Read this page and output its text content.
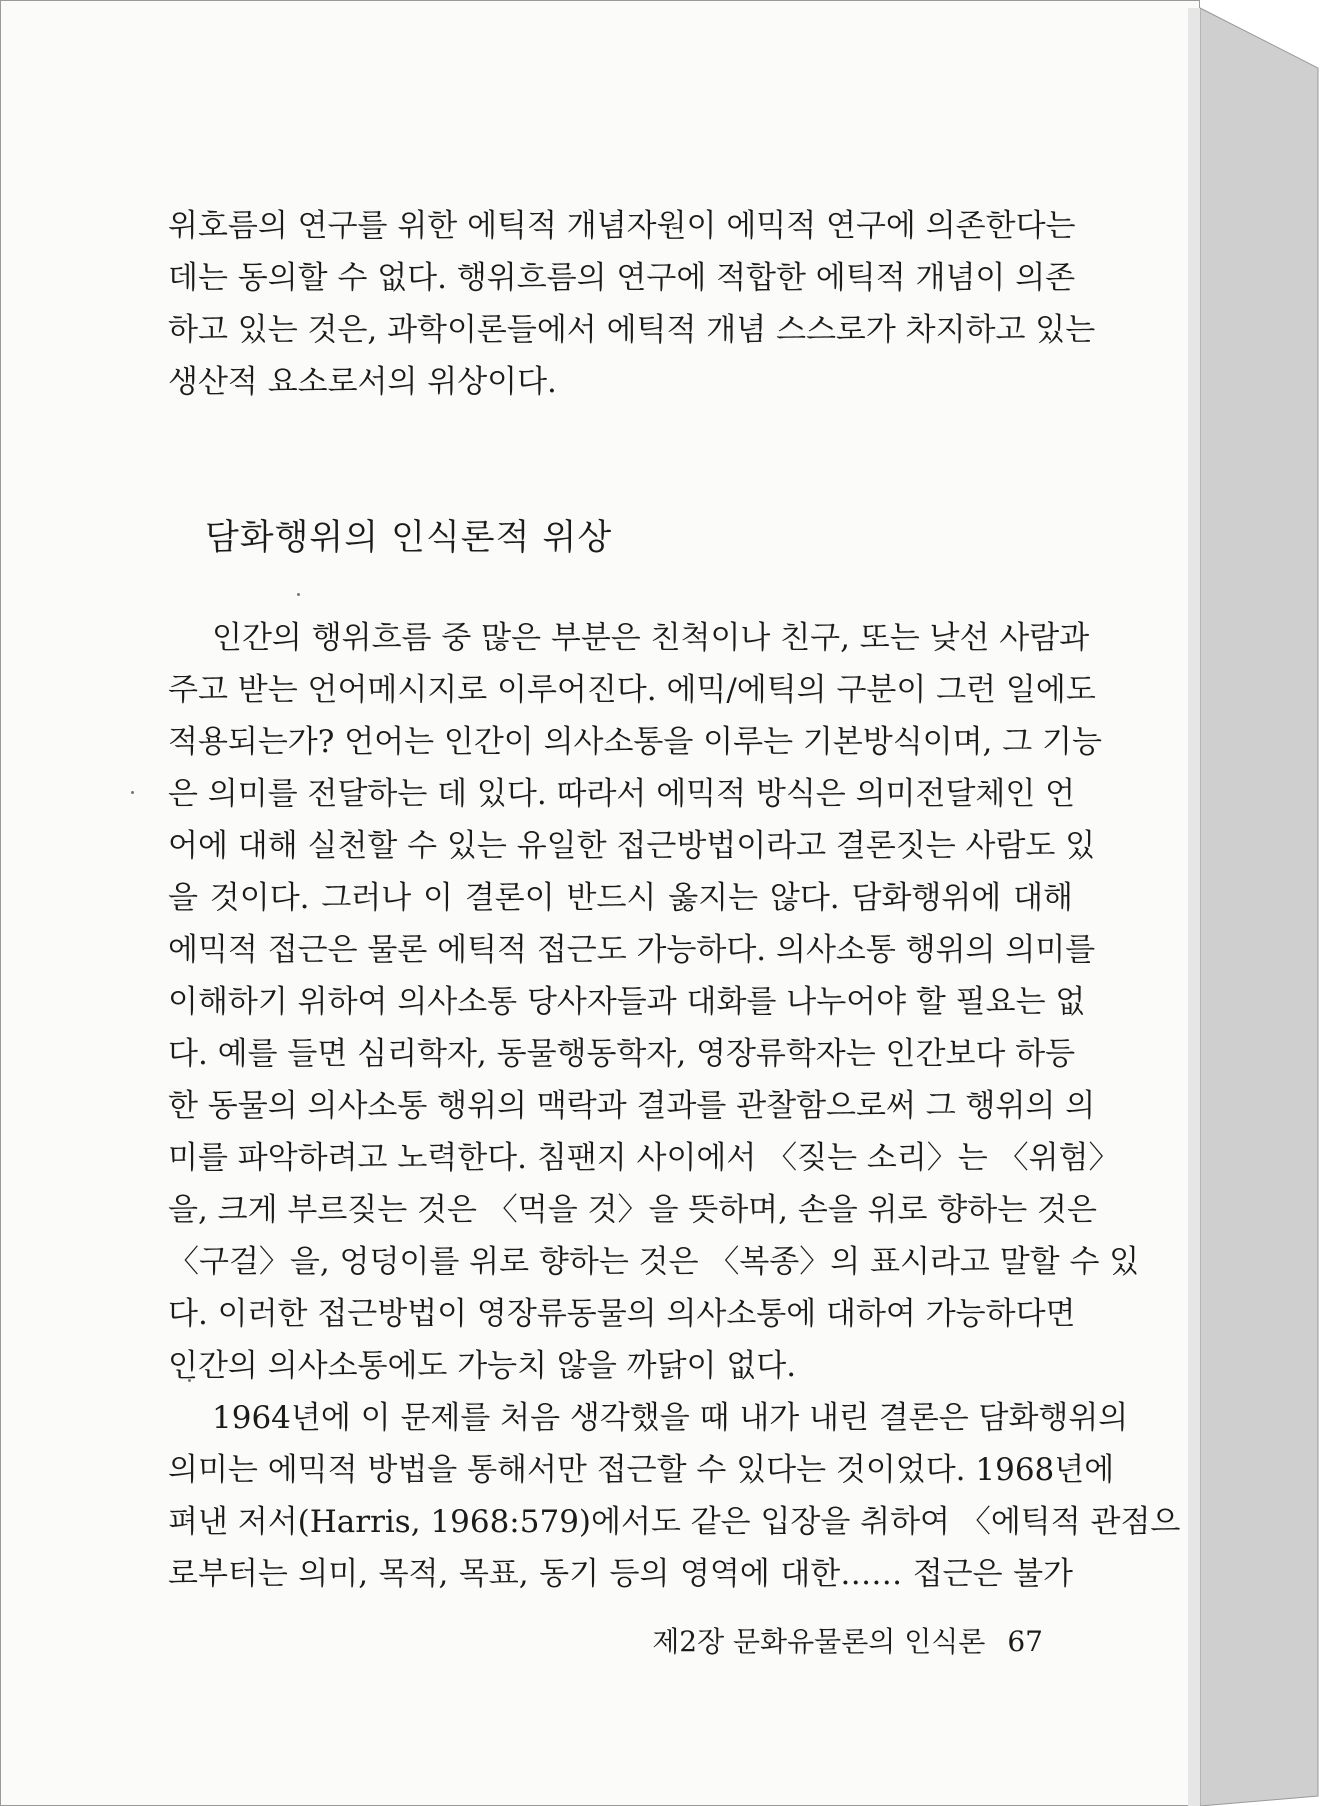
위호름의 연구를 위한 에틱적 개념자원이 에믹적 연구에 의존한다는
데는 동의할 수 없다. 행위흐름의 연구에 적합한 에틱적 개념이 의존
하고 있는 것은, 과학이론들에서 에틱적 개념 스스로가 차지하고 있는
생산적 요소로서의 위상이다.
담화행위의 인식론적 위상
인간의 행위흐름 중 많은 부분은 친척이나 친구, 또는 낮선 사람과
주고 받는 언어메시지로 이루어진다. 에믹/에틱의 구분이 그런 일에도
적용되는가? 언어는 인간이 의사소통을 이루는 기본방식이며, 그 기능
은 의미를 전달하는 데 있다. 따라서 에믹적 방식은 의미전달체인 언
어에 대해 실천할 수 있는 유일한 접근방법이라고 결론짓는 사람도 있
을 것이다. 그러나 이 결론이 반드시 옳지는 않다. 담화행위에 대해
에믹적 접근은 물론 에틱적 접근도 가능하다. 의사소통 행위의 의미를
이해하기 위하여 의사소통 당사자들과 대화를 나누어야 할 필요는 없
다. 예를 들면 심리학자, 동물행동학자, 영장류학자는 인간보다 하등
한 동물의 의사소통 행위의 맥락과 결과를 관찰함으로써 그 행위의 의
미를 파악하려고 노력한다. 침팬지 사이에서 〈짖는 소리〉는 〈위험〉
을, 크게 부르짖는 것은 〈먹을 것〉을 뜻하며, 손을 위로 향하는 것은
〈구걸〉을, 엉덩이를 위로 향하는 것은 〈복종〉의 표시라고 말할 수 있
다. 이러한 접근방법이 영장류동물의 의사소통에 대하여 가능하다면
인간의 의사소통에도 가능치 않을 까닭이 없다.
1964년에 이 문제를 처음 생각했을 때 내가 내린 결론은 담화행위의
의미는 에믹적 방법을 통해서만 접근할 수 있다는 것이었다. 1968년에
펴낸 저서(Harris, 1968:579)에서도 같은 입장을 취하여 〈에틱적 관점으
로부터는 의미, 목적, 목표, 동기 등의 영역에 대한…… 접근은 불가
제2장 문화유물론의 인식론 67
